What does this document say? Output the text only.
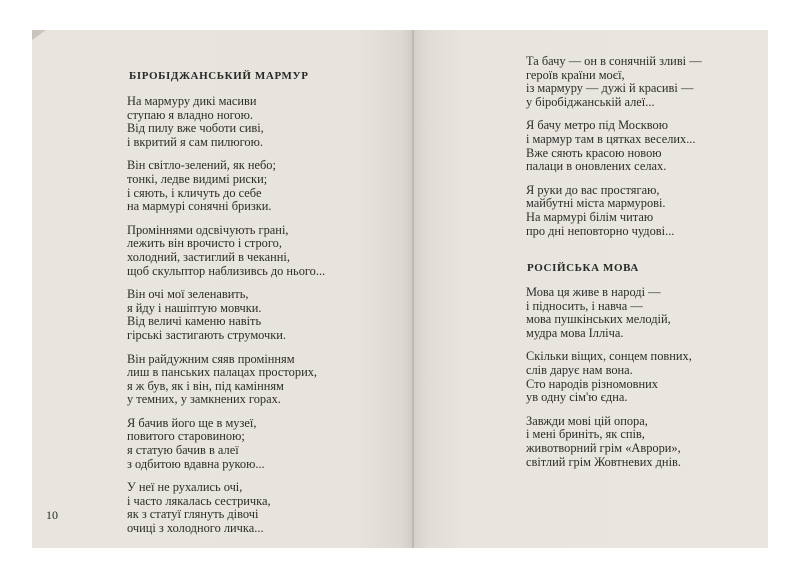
БІРОБІДЖАНСЬКИЙ МАРМУР
На мармуру дикі масиви
ступаю я владно ногою.
Від пилу вже чоботи сиві,
і вкритий я сам пилюгою.
Він світло-зелений, як небо;
тонкі, ледве видимі риски;
і сяють, і кличуть до себе
на мармурі сонячні бризки.
Проміннями одсвічують грані,
лежить він врочисто і строго,
холодний, застиглий в чеканні,
щоб скульптор наблизивсь до нього...
Він очі мої зеленавить,
я йду і нашіптую мовчки.
Від величі каменю навіть
гірські застигають струмочки.
Він райдужним сяяв промінням
лиш в панських палацах просторих,
я ж був, як і він, під камінням
у темних, у замкнених горах.
Я бачив його ще в музеї,
повитого старовиною;
я статую бачив в алеї
з одбитою вдавна рукою...
У неї не рухались очі,
і часто лякалась сестричка,
як з статуї глянуть дівочі
очиці з холодного личка...
10
Та бачу — он в сонячній зливі —
героїв країни моєї,
із мармуру — дужі й красиві —
у біробіджанській алеї...
Я бачу метро під Москвою
і мармур там в цятках веселих...
Вже сяють красою новою
палаци в оновлених селах.
Я руки до вас простягаю,
майбутні міста мармурові.
На мармурі білім читаю
про дні неповторно чудові...
РОСІЙСЬКА МОВА
Мова ця живе в народі —
і підносить, і навча —
мова пушкінських мелодій,
мудра мова Ілліча.
Скільки віщих, сонцем повних,
слів дарує нам вона.
Сто народів різномовних
ув одну сім'ю єдна.
Завжди мові цій опора,
і мені бриніть, як спів,
животворний грім «Аврори»,
світлий грім Жовтневих днів.
